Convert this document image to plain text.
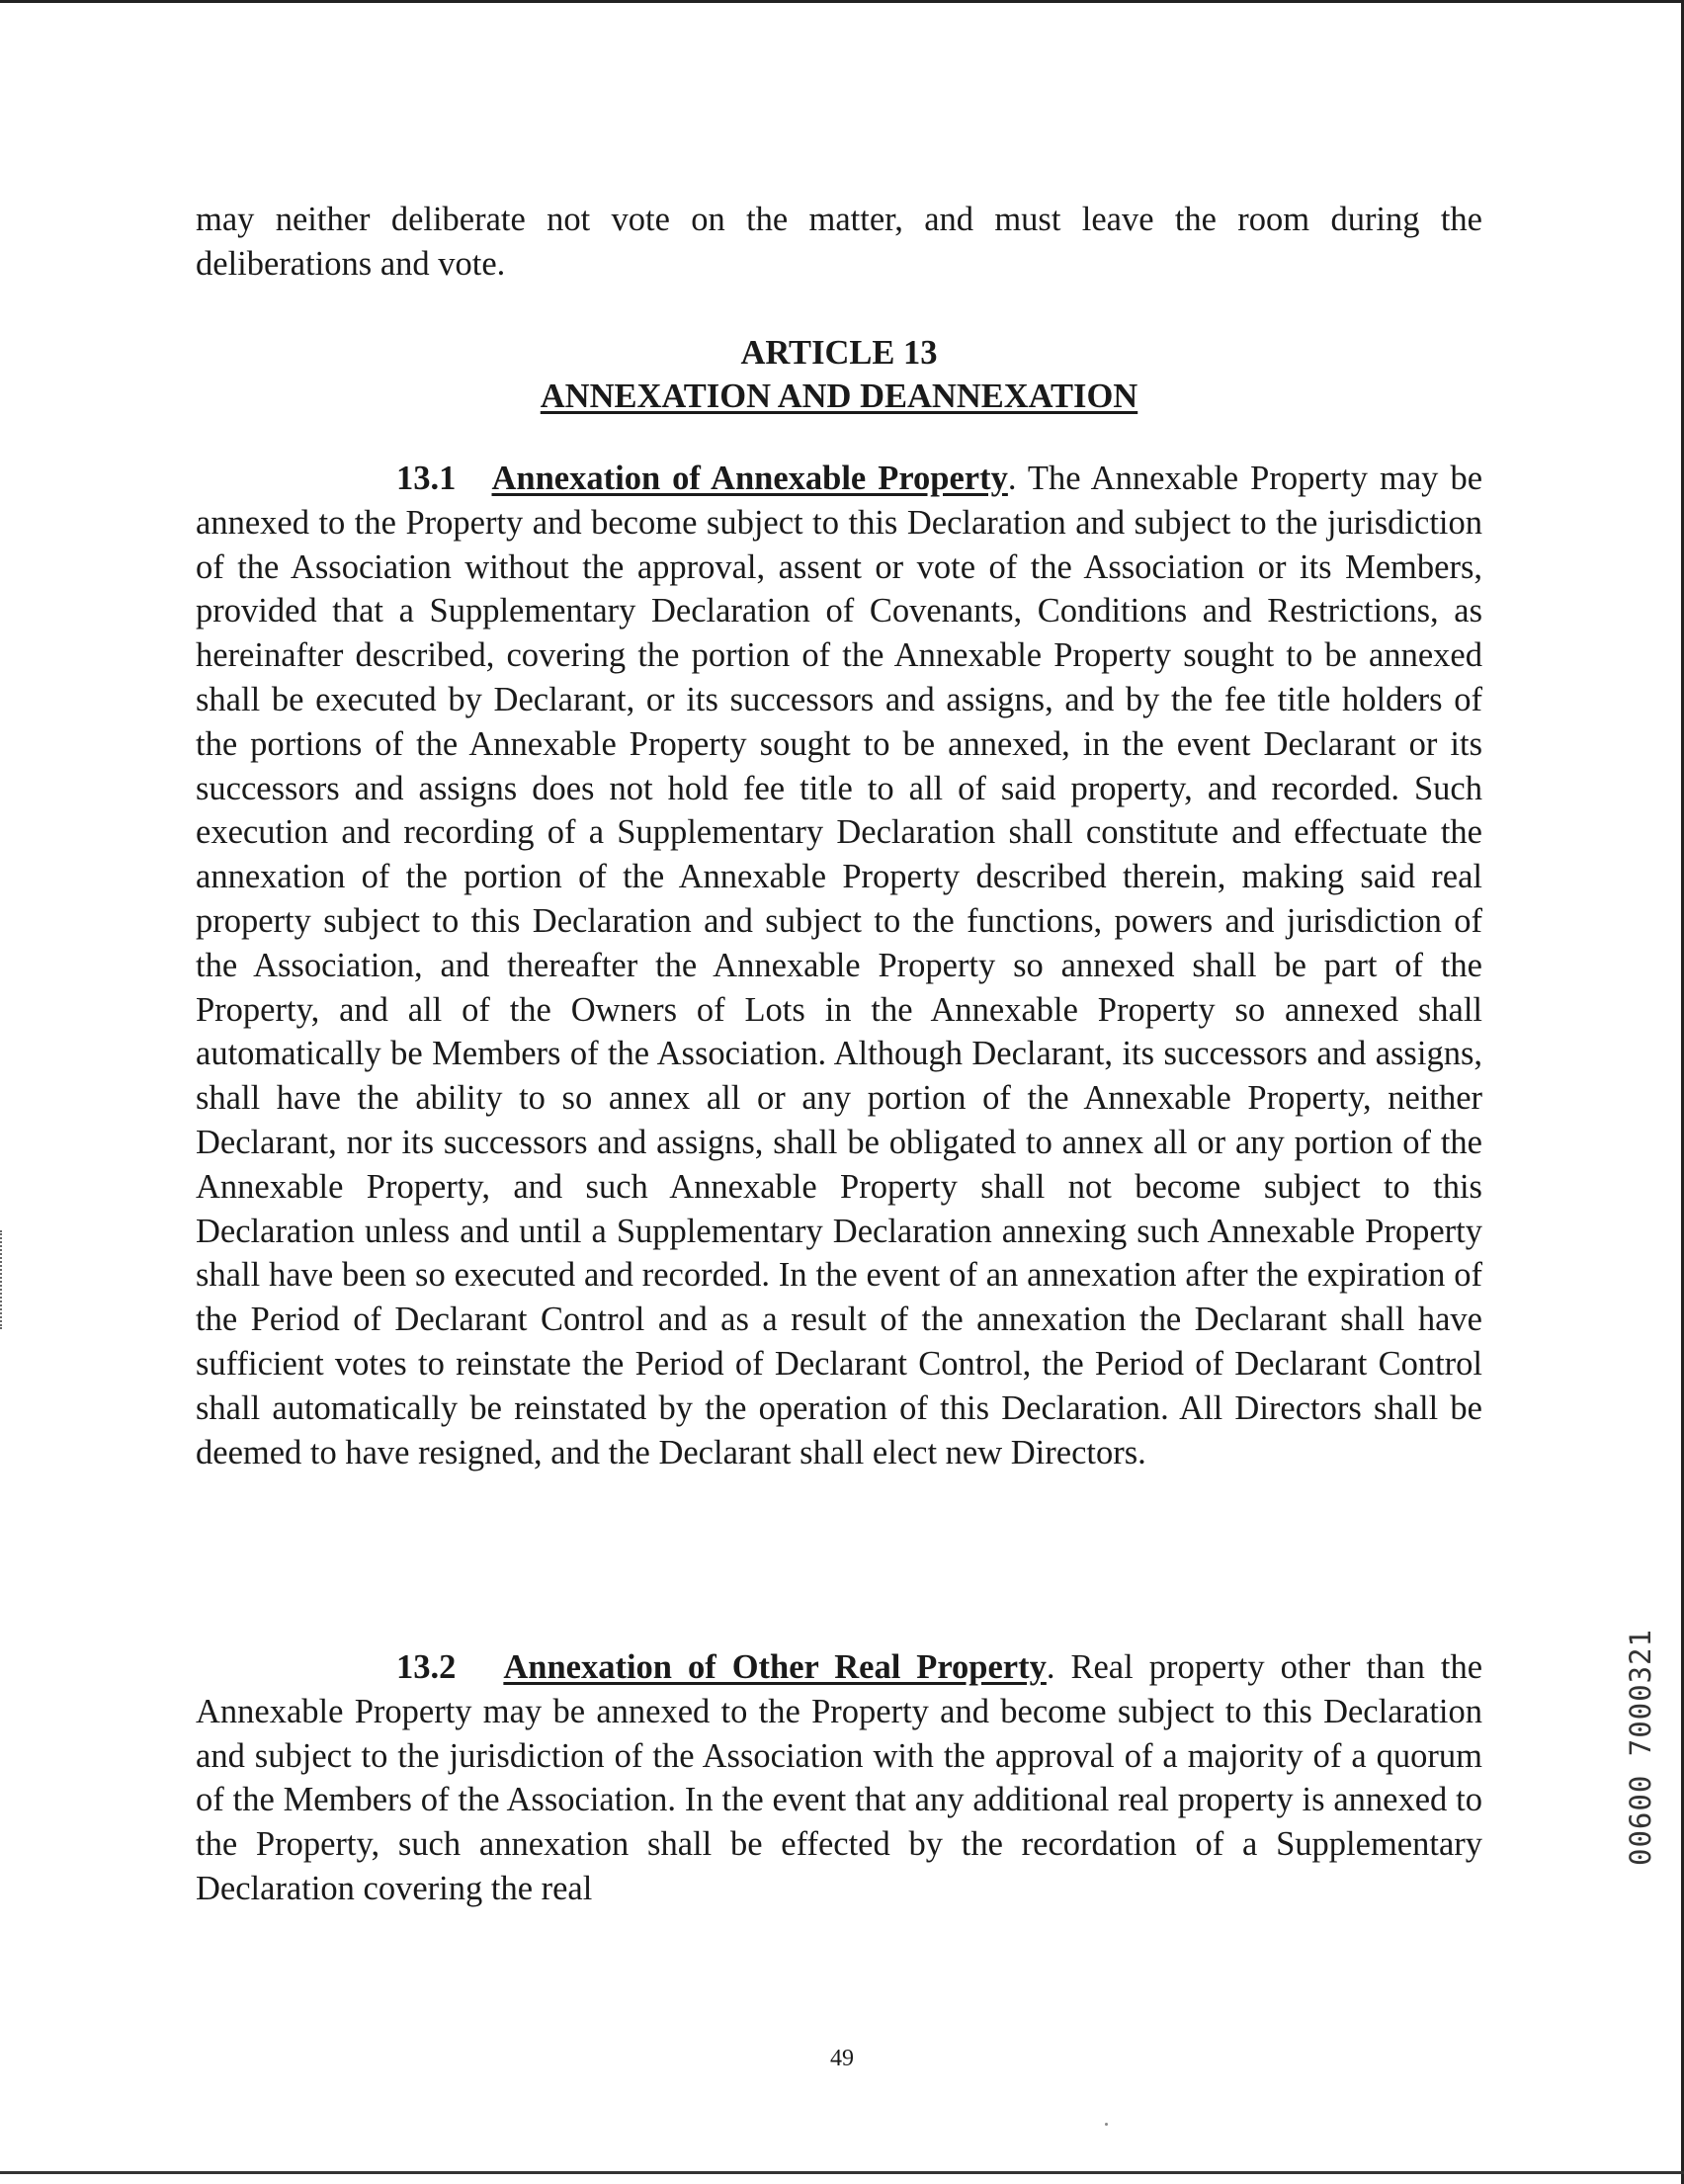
may neither deliberate not vote on the matter, and must leave the room during the deliberations and vote.

ARTICLE 13

ANNEXATION AND DEANNEXATION

13.1 Annexation of Annexable Property. The Annexable Property may be annexed to the Property and become subject to this Declaration and subject to the jurisdiction of the Association without the approval, assent or vote of the Association or its Members, provided that a Supplementary Declaration of Covenants, Conditions and Restrictions, as hereinafter described, covering the portion of the Annexable Property sought to be annexed shall be executed by Declarant, or its successors and assigns, and by the fee title holders of the portions of the Annexable Property sought to be annexed, in the event Declarant or its successors and assigns does not hold fee title to all of said property, and recorded. Such execution and recording of a Supplementary Declaration shall constitute and effectuate the annexation of the portion of the Annexable Property described therein, making said real property subject to this Declaration and subject to the functions, powers and jurisdiction of the Association, and thereafter the Annexable Property so annexed shall be part of the Property, and all of the Owners of Lots in the Annexable Property so annexed shall automatically be Members of the Association. Although Declarant, its successors and assigns, shall have the ability to so annex all or any portion of the Annexable Property, neither Declarant, nor its successors and assigns, shall be obligated to annex all or any portion of the Annexable Property, and such Annexable Property shall not become subject to this Declaration unless and until a Supplementary Declaration annexing such Annexable Property shall have been so executed and recorded. In the event of an annexation after the expiration of the Period of Declarant Control and as a result of the annexation the Declarant shall have sufficient votes to reinstate the Period of Declarant Control, the Period of Declarant Control shall automatically be reinstated by the operation of this Declaration. All Directors shall be deemed to have resigned, and the Declarant shall elect new Directors.

13.2 Annexation of Other Real Property. Real property other than the Annexable Property may be annexed to the Property and become subject to this Declaration and subject to the jurisdiction of the Association with the approval of a majority of a quorum of the Members of the Association. In the event that any additional real property is annexed to the Property, such annexation shall be effected by the recordation of a Supplementary Declaration covering the real

00600 7000321

49
